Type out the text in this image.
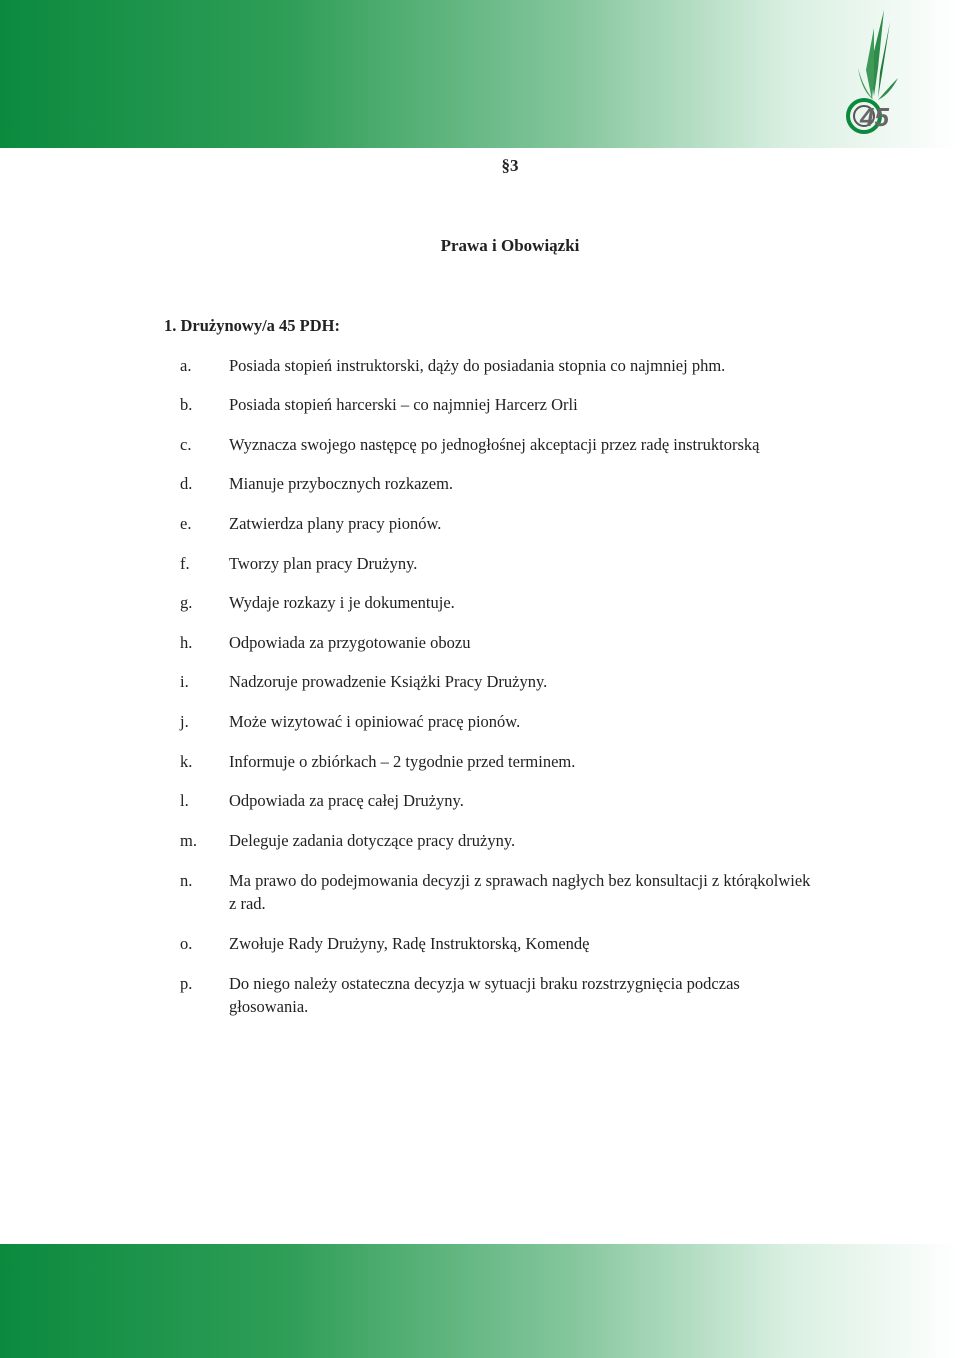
45
§3
Prawa i Obowiązki
1. Drużynowy/a 45 PDH:
a.	Posiada stopień instruktorski, dąży do posiadania stopnia co najmniej phm.
b.	Posiada stopień harcerski – co najmniej Harcerz Orli
c.	Wyznacza swojego następcę po jednogłośnej akceptacji przez radę instruktorską
d.	Mianuje przybocznych rozkazem.
e.	Zatwierdza plany pracy pionów.
f.	Tworzy plan pracy Drużyny.
g.	Wydaje rozkazy i je dokumentuje.
h.	Odpowiada za przygotowanie obozu
i.	Nadzoruje prowadzenie Książki Pracy Drużyny.
j.	Może wizytować i opiniować pracę pionów.
k.	Informuje o zbiórkach – 2 tygodnie przed terminem.
l.	Odpowiada za pracę całej Drużyny.
m.	Deleguje zadania dotyczące pracy drużyny.
n.	Ma prawo do podejmowania decyzji z sprawach nagłych bez konsultacji z którąkolwiek z rad.
o.	Zwołuje Rady Drużyny, Radę Instruktorską, Komendę
p.	Do niego należy ostateczna decyzja w sytuacji braku rozstrzygnięcia podczas głosowania.
